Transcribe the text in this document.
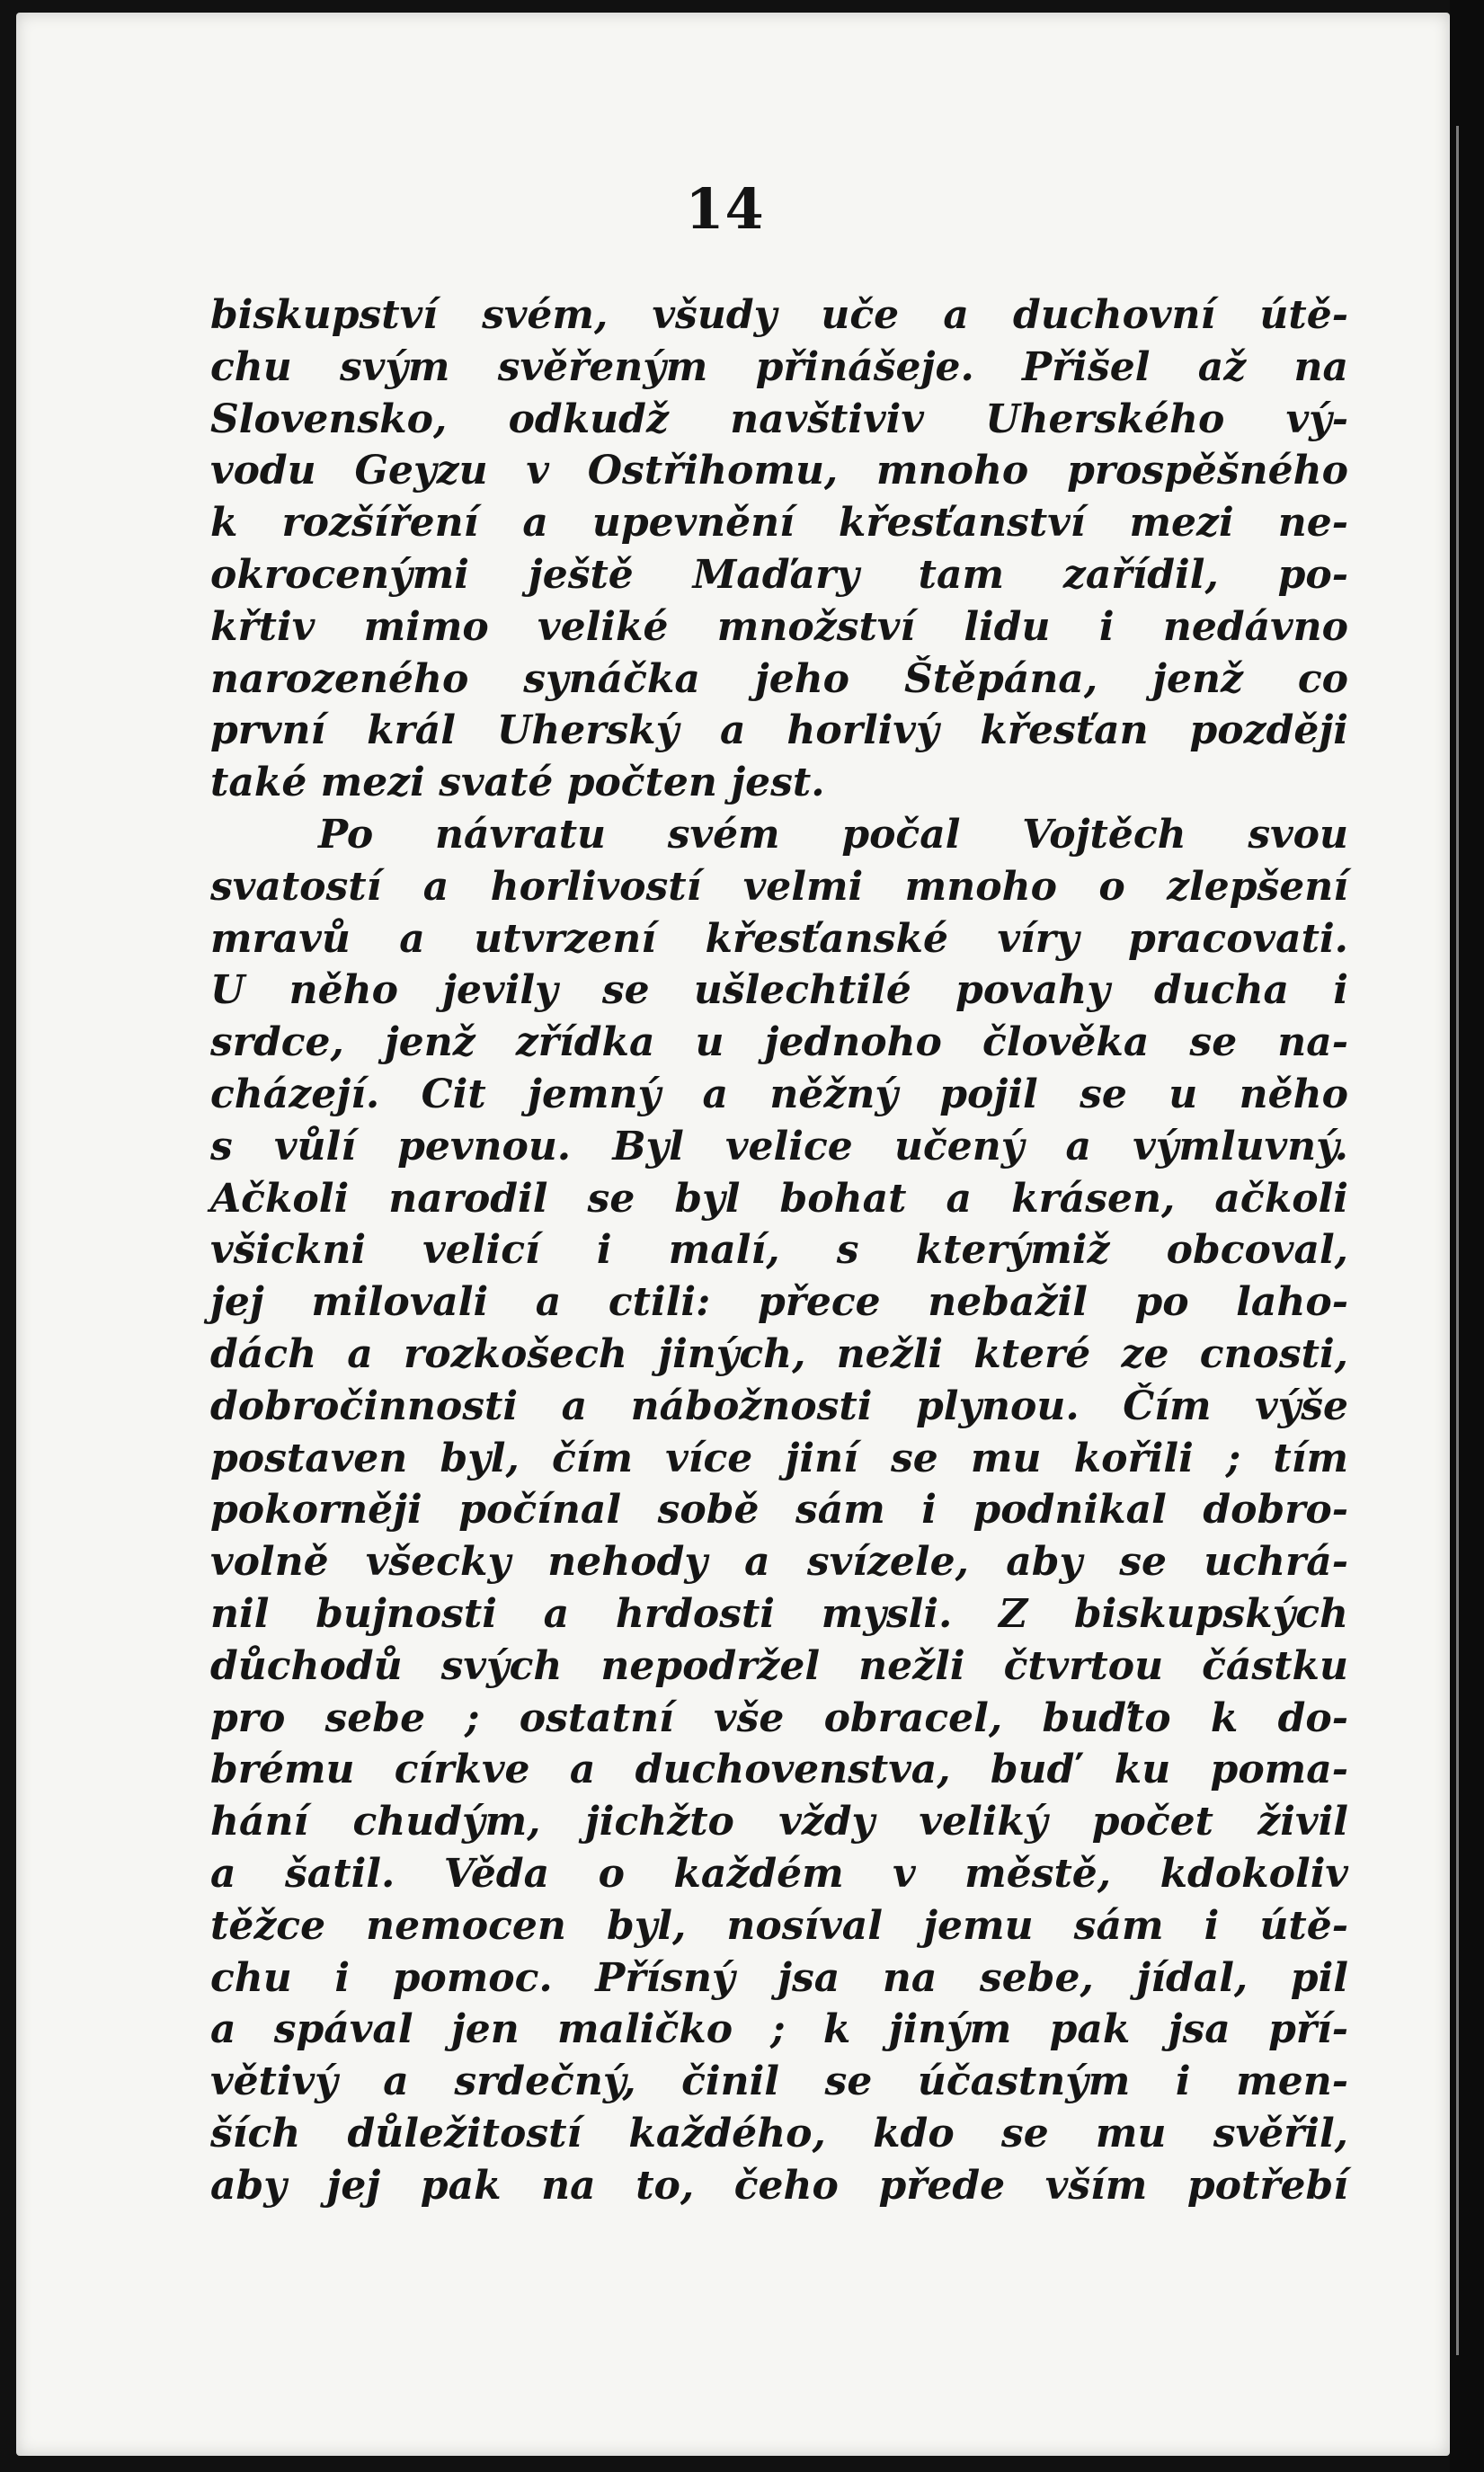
14
biskupství svém, všudy uče a duchovní útě-
chu svým svěřeným přinášeje. Přišel až na
Slovensko, odkudž navštiviv Uherského vý-
vodu Geyzu v Ostřihomu, mnoho prospěšného
k rozšíření a upevnění křesťanství mezi ne-
okrocenými ještě Maďary tam zařídil, po-
křtiv mimo veliké množství lidu i nedávno
narozeného synáčka jeho Štěpána, jenž co
první král Uherský a horlivý křesťan později
také mezi svaté počten jest.
Po návratu svém počal Vojtěch svou
svatostí a horlivostí velmi mnoho o zlepšení
mravů a utvrzení křesťanské víry pracovati.
U něho jevily se ušlechtilé povahy ducha i
srdce, jenž zřídka u jednoho člověka se na-
cházejí. Cit jemný a něžný pojil se u něho
s vůlí pevnou. Byl velice učený a výmluvný.
Ačkoli narodil se byl bohat a krásen, ačkoli
všickni velicí i malí, s kterýmiž obcoval,
jej milovali a ctili: přece nebažil po laho-
dách a rozkošech jiných, nežli které ze cnosti,
dobročinnosti a nábožnosti plynou. Čím výše
postaven byl, čím více jiní se mu kořili ; tím
pokorněji počínal sobě sám i podnikal dobro-
volně všecky nehody a svízele, aby se uchrá-
nil bujnosti a hrdosti mysli. Z biskupských
důchodů svých nepodržel nežli čtvrtou částku
pro sebe ; ostatní vše obracel, buďto k do-
brému církve a duchovenstva, buď ku poma-
hání chudým, jichžto vždy veliký počet živil
a šatil. Věda o každém v městě, kdokoliv
těžce nemocen byl, nosíval jemu sám i útě-
chu i pomoc. Přísný jsa na sebe, jídal, pil
a spával jen maličko ; k jiným pak jsa pří-
větivý a srdečný, činil se účastným i men-
ších důležitostí každého, kdo se mu svěřil,
aby jej pak na to, čeho přede vším potřebí
